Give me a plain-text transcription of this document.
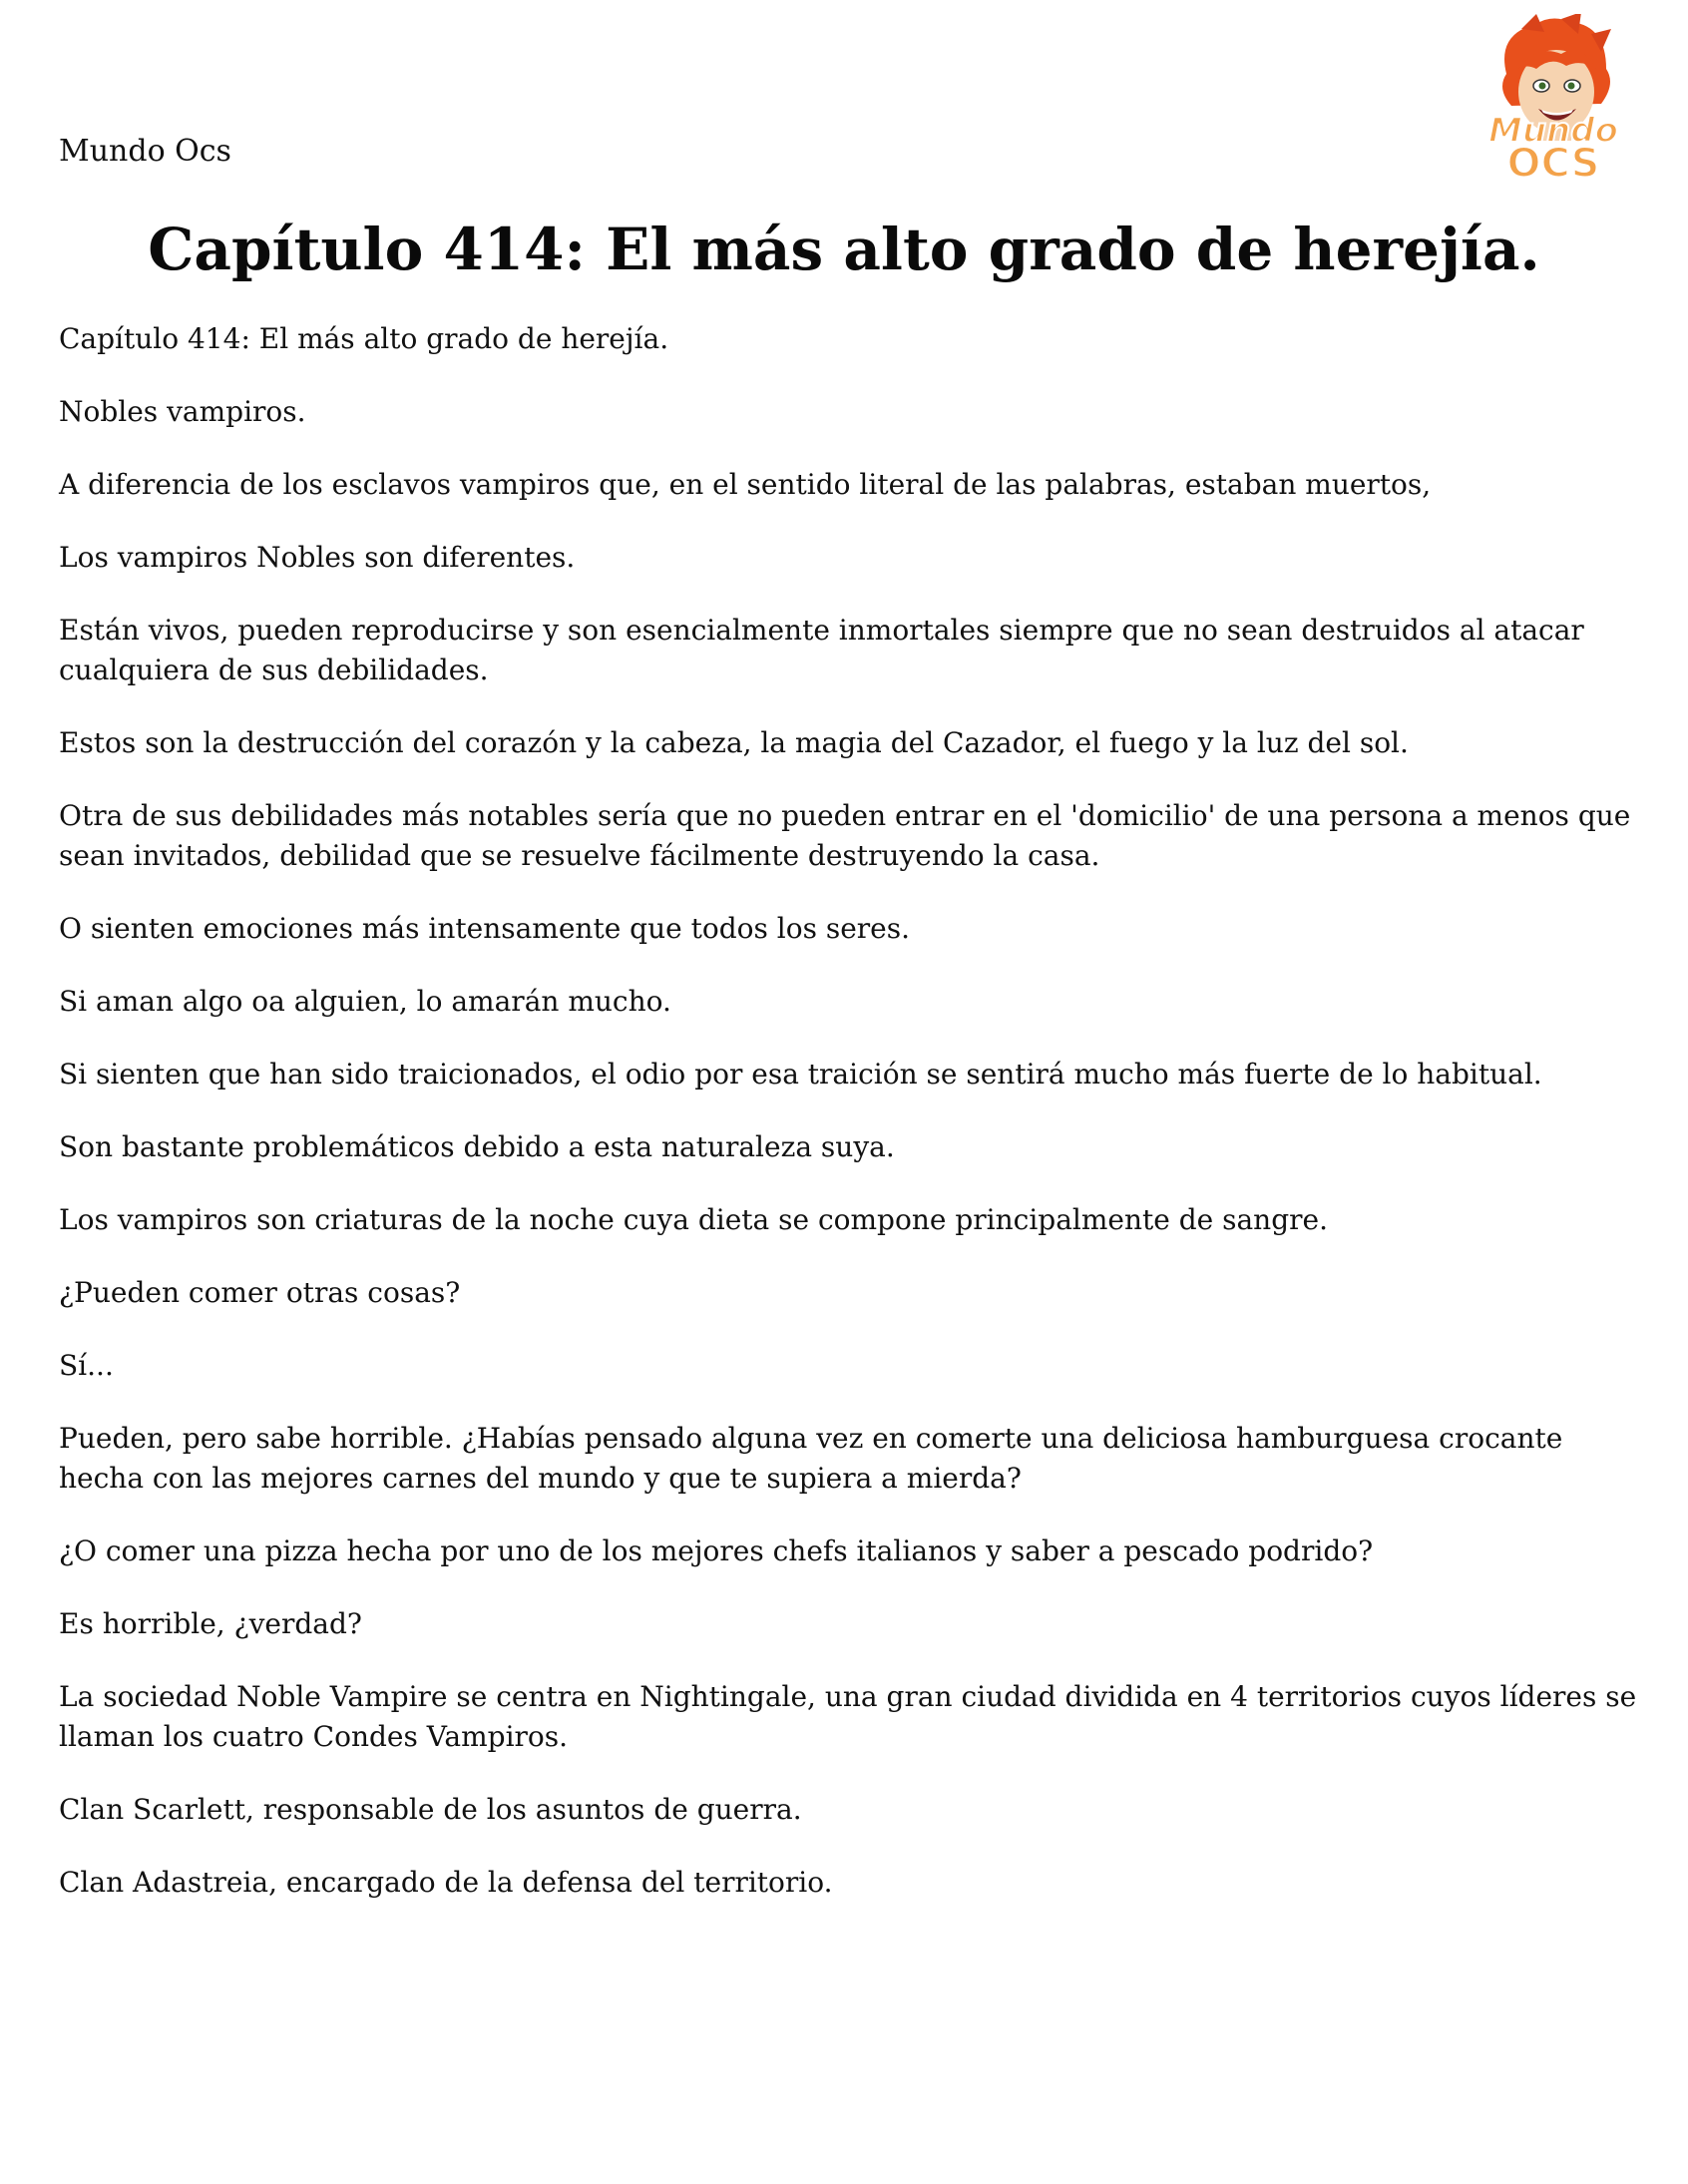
Mundo Ocs
Mundo
OCS
Capítulo 414: El más alto grado de herejía.

Capítulo 414: El más alto grado de herejía.

Nobles vampiros.

A diferencia de los esclavos vampiros que, en el sentido literal de las palabras, estaban muertos,

Los vampiros Nobles son diferentes.

Están vivos, pueden reproducirse y son esencialmente inmortales siempre que no sean destruidos al atacar cualquiera de sus debilidades.

Estos son la destrucción del corazón y la cabeza, la magia del Cazador, el fuego y la luz del sol.

Otra de sus debilidades más notables sería que no pueden entrar en el 'domicilio' de una persona a menos que sean invitados, debilidad que se resuelve fácilmente destruyendo la casa.

O sienten emociones más intensamente que todos los seres.

Si aman algo oa alguien, lo amarán mucho.

Si sienten que han sido traicionados, el odio por esa traición se sentirá mucho más fuerte de lo habitual.

Son bastante problemáticos debido a esta naturaleza suya.

Los vampiros son criaturas de la noche cuya dieta se compone principalmente de sangre.

¿Pueden comer otras cosas?

Sí...

Pueden, pero sabe horrible. ¿Habías pensado alguna vez en comerte una deliciosa hamburguesa crocante hecha con las mejores carnes del mundo y que te supiera a mierda?

¿O comer una pizza hecha por uno de los mejores chefs italianos y saber a pescado podrido?

Es horrible, ¿verdad?

La sociedad Noble Vampire se centra en Nightingale, una gran ciudad dividida en 4 territorios cuyos líderes se llaman los cuatro Condes Vampiros.

Clan Scarlett, responsable de los asuntos de guerra.

Clan Adastreia, encargado de la defensa del territorio.
